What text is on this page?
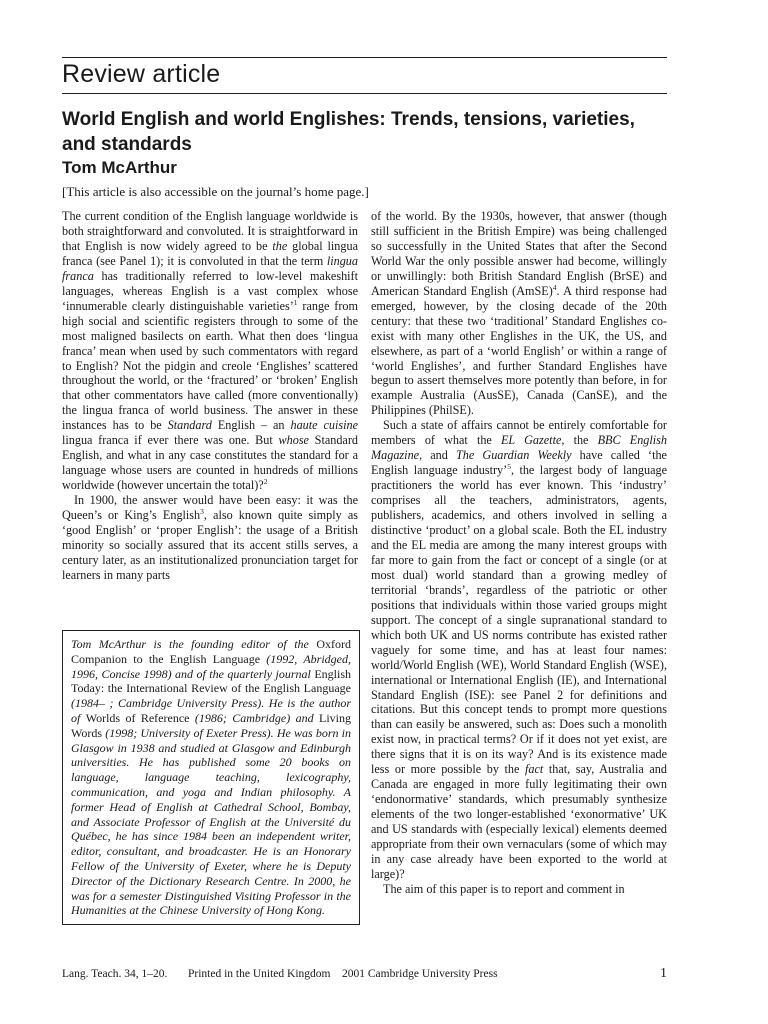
Review article
World English and world Englishes: Trends, tensions, varieties, and standards
Tom McArthur
[This article is also accessible on the journal’s home page.]

The current condition of the English language worldwide is both straightforward and convoluted. It is straightforward in that English is now widely agreed to be the global lingua franca (see Panel 1); it is convoluted in that the term lingua franca has traditionally referred to low-level makeshift languages, whereas English is a vast complex whose ‘innumerable clearly distinguishable varieties’$^1$ range from high social and scientific registers through to some of the most maligned basilects on earth. What then does ‘lingua franca’ mean when used by such commentators with regard to English? Not the pidgin and creole ‘Englishes’ scattered throughout the world, or the ‘fractured’ or ‘broken’ English that other commentators have called (more conventionally) the lingua franca of world business. The answer in these instances has to be Standard English – an haute cuisine lingua franca if ever there was one. But whose Standard English, and what in any case constitutes the standard for a language whose users are counted in hundreds of millions worldwide (however uncertain the total)?$^2$

In 1900, the answer would have been easy: it was the Queen’s or King’s English$^3$, also known quite simply as ‘good English’ or ‘proper English’: the usage of a British minority so socially assured that its accent stills serves, a century later, as an institutionalized pronunciation target for learners in many parts

Tom McArthur is the founding editor of the Oxford Companion to the English Language (1992, Abridged, 1996, Concise 1998) and of the quarterly journal English Today: the International Review of the English Language (1984– ; Cambridge University Press). He is the author of Worlds of Reference (1986; Cambridge) and Living Words (1998; University of Exeter Press). He was born in Glasgow in 1938 and studied at Glasgow and Edinburgh universities. He has published some 20 books on language, language teaching, lexicography, communication, and yoga and Indian philosophy. A former Head of English at Cathedral School, Bombay, and Associate Professor of English at the Université du Québec, he has since 1984 been an independent writer, editor, consultant, and broadcaster. He is an Honorary Fellow of the University of Exeter, where he is Deputy Director of the Dictionary Research Centre. In 2000, he was for a semester Distinguished Visiting Professor in the Humanities at the Chinese University of Hong Kong.

of the world. By the 1930s, however, that answer (though still sufficient in the British Empire) was being challenged so successfully in the United States that after the Second World War the only possible answer had become, willingly or unwillingly: both British Standard English (BrSE) and American Standard English (AmSE)$^4$. A third response had emerged, however, by the closing decade of the 20th century: that these two ‘traditional’ Standard Englishes co-exist with many other Englishes in the UK, the US, and elsewhere, as part of a ‘world English’ or within a range of ‘world Englishes’, and further Standard Englishes have begun to assert themselves more potently than before, in for example Australia (AusSE), Canada (CanSE), and the Philippines (PhilSE).

Such a state of affairs cannot be entirely comfortable for members of what the EL Gazette, the BBC English Magazine, and The Guardian Weekly have called ‘the English language industry’$^5$, the largest body of language practitioners the world has ever known. This ‘industry’ comprises all the teachers, administrators, agents, publishers, academics, and others involved in selling a distinctive ‘product’ on a global scale. Both the EL industry and the EL media are among the many interest groups with far more to gain from the fact or concept of a single (or at most dual) world standard than a growing medley of territorial ‘brands’, regardless of the patriotic or other positions that individuals within those varied groups might support. The concept of a single supranational standard to which both UK and US norms contribute has existed rather vaguely for some time, and has at least four names: world/World English (WE), World Standard English (WSE), international or International English (IE), and International Standard English (ISE): see Panel 2 for definitions and citations. But this concept tends to prompt more questions than can easily be answered, such as: Does such a monolith exist now, in practical terms? Or if it does not yet exist, are there signs that it is on its way? And is its existence made less or more possible by the fact that, say, Australia and Canada are engaged in more fully legitimating their own ‘endonormative’ standards, which presumably synthesize elements of the two longer-established ‘exonormative’ UK and US standards with (especially lexical) elements deemed appropriate from their own vernaculars (some of which may in any case already have been exported to the world at large)?

The aim of this paper is to report and comment in

Lang. Teach. 34, 1–20. Printed in the United Kingdom 2001 Cambridge University Press	1
